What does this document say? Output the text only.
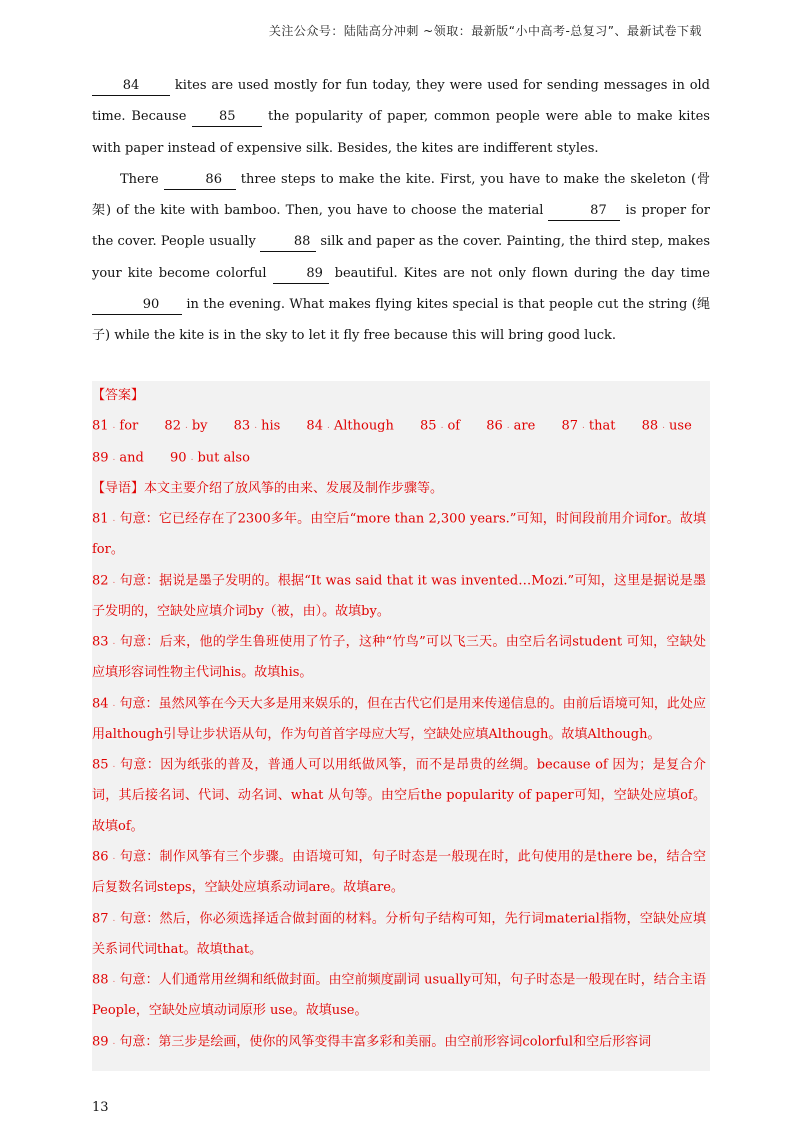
关注公众号：陆陆高分冲刺 ~领取：最新版“小中高考-总复习”、最新试卷下载

84 kites are used mostly for fun today, they were used for sending messages in old time. Because 85 the popularity of paper, common people were able to make kites with paper instead of expensive silk. Besides, the kites are indifferent styles.

There	86 three steps to make the kite. First, you have to make the skeleton (骨架) of the kite with bamboo. Then, you have to choose the material	87 is proper for the cover. People usually	88 silk and paper as the cover. Painting, the third step, makes your kite become colorful	89 beautiful. Kites are not only flown during the day time 90 in the evening. What makes flying kites special is that people cut the string (绳子) while the kite is in the sky to let it fly free because this will bring good luck.

【答案】
81 . for 82 . by 83 . his 84 . Although 85 . of 86 . are 87 . that 88 . use
89 . and 90 . but also
【导语】本文主要介绍了放风筝的由来、发展及制作步骤等。
81 . 句意：它已经存在了2300多年。由空后“more than 2,300 years.”可知，时间段前用介词for。故填for。
82 . 句意：据说是墨子发明的。根据“It was said that it was invented…Mozi.”可知，这里是据说是墨子发明的，空缺处应填介词by（被，由）。故填by。
83 . 句意：后来，他的学生鲁班使用了竹子，这种“竹鸟”可以飞三天。由空后名词student 可知，空缺处应填形容词性物主代词his。故填his。
84 . 句意：虽然风筝在今天大多是用来娱乐的，但在古代它们是用来传递信息的。由前后语境可知，此处应用although引导让步状语从句，作为句首首字母应大写，空缺处应填Although。故填Although。
85 . 句意：因为纸张的普及，普通人可以用纸做风筝，而不是昂贵的丝绸。because of 因为；是复合介词，其后接名词、代词、动名词、what 从句等。由空后the popularity of paper可知，空缺处应填of。故填of。
86 . 句意：制作风筝有三个步骤。由语境可知，句子时态是一般现在时，此句使用的是there be，结合空后复数名词steps，空缺处应填系动词are。故填are。
87 . 句意：然后，你必须选择适合做封面的材料。分析句子结构可知，先行词material指物，空缺处应填关系词代词that。故填that。
88 . 句意：人们通常用丝绸和纸做封面。由空前频度副词 usually可知，句子时态是一般现在时，结合主语People，空缺处应填动词原形 use。故填use。
89 . 句意：第三步是绘画，使你的风筝变得丰富多彩和美丽。由空前形容词colorful和空后形容词
13
